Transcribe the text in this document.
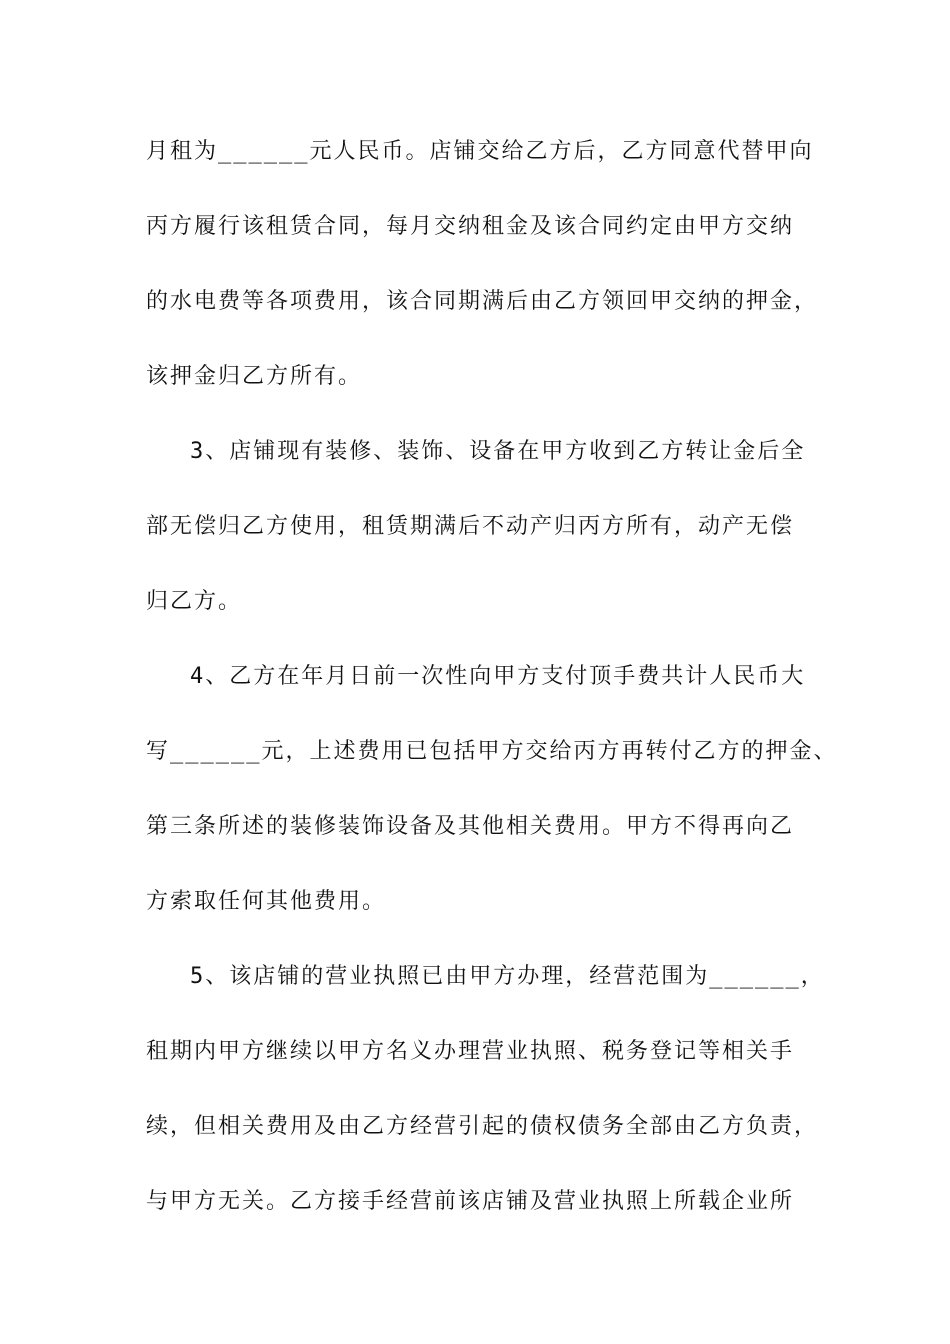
月租为______元人民币。店铺交给乙方后，乙方同意代替甲向
丙方履行该租赁合同，每月交纳租金及该合同约定由甲方交纳
的水电费等各项费用，该合同期满后由乙方领回甲交纳的押金，
该押金归乙方所有。
3、店铺现有装修、装饰、设备在甲方收到乙方转让金后全
部无偿归乙方使用，租赁期满后不动产归丙方所有，动产无偿
归乙方。
4、乙方在年月日前一次性向甲方支付顶手费共计人民币大
写______元，上述费用已包括甲方交给丙方再转付乙方的押金、
第三条所述的装修装饰设备及其他相关费用。甲方不得再向乙
方索取任何其他费用。
5、该店铺的营业执照已由甲方办理，经营范围为______，
租期内甲方继续以甲方名义办理营业执照、税务登记等相关手
续，但相关费用及由乙方经营引起的债权债务全部由乙方负责，
与甲方无关。乙方接手经营前该店铺及营业执照上所载企业所
